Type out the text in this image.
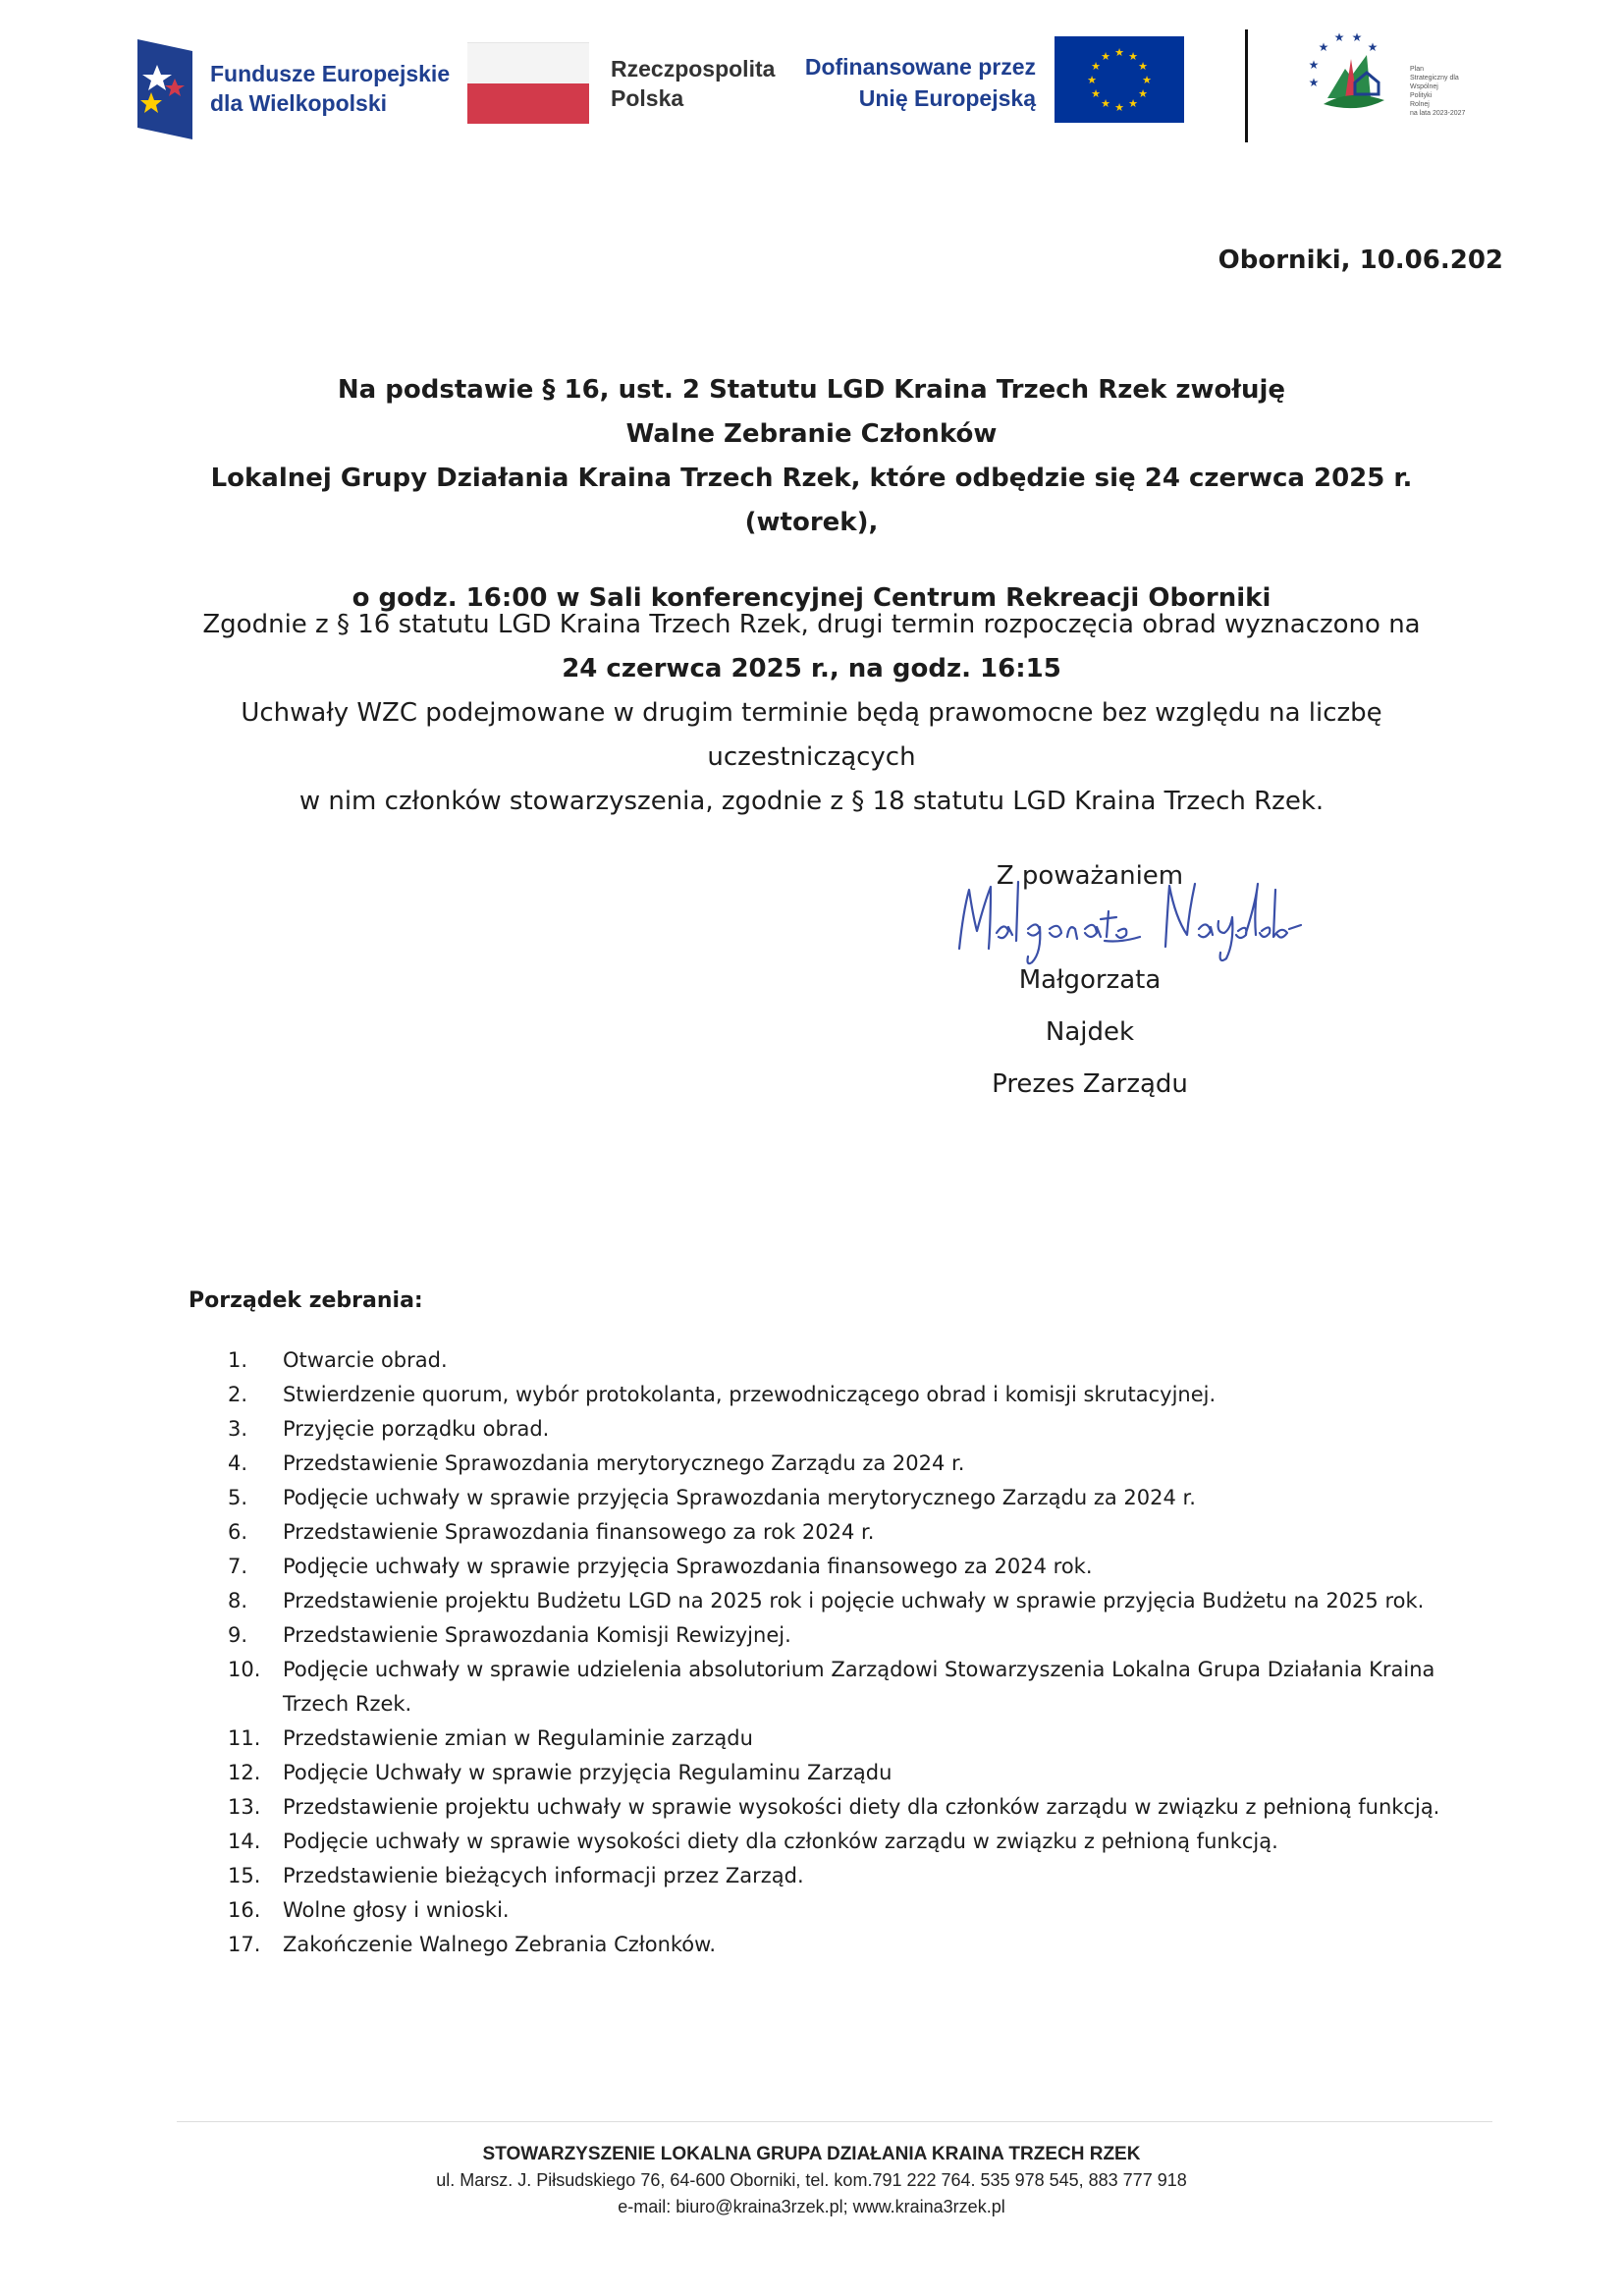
Fundusze Europejskie
dla Wielkopolski
Rzeczpospolita
Polska
Dofinansowane przez
Unię Europejską
★ ★
★
★
★
★
★
★
★
★
★
★
★
★ ★
★
★
★
Plan
Strategiczny dla
Wspólnej
Polityki
Rolnej
na lata 2023-2027
Oborniki, 10.06.202
Na podstawie § 16, ust. 2 Statutu LGD Kraina Trzech Rzek zwołuję
Walne Zebranie Członków
Lokalnej Grupy Działania Kraina Trzech Rzek, które odbędzie się 24 czerwca 2025 r. (wtorek),
o godz. 16:00 w Sali konferencyjnej Centrum Rekreacji Oborniki
Zgodnie z § 16 statutu LGD Kraina Trzech Rzek, drugi termin rozpoczęcia obrad wyznaczono na
24 czerwca 2025 r., na godz. 16:15
Uchwały WZC podejmowane w drugim terminie będą prawomocne bez względu na liczbę uczestniczących
w nim członków stowarzyszenia, zgodnie z § 18 statutu LGD Kraina Trzech Rzek.
Z poważaniem
Małgorzata Najdek
Prezes Zarządu
Porządek zebrania:
1.	Otwarcie obrad.
2.	Stwierdzenie quorum, wybór protokolanta, przewodniczącego obrad i komisji skrutacyjnej.
3.	Przyjęcie porządku obrad.
4.	Przedstawienie Sprawozdania merytorycznego Zarządu za 2024 r.
5.	Podjęcie uchwały w sprawie przyjęcia Sprawozdania merytorycznego Zarządu za 2024 r.
6.	Przedstawienie Sprawozdania finansowego za rok 2024 r.
7.	Podjęcie uchwały w sprawie przyjęcia Sprawozdania finansowego za 2024 rok.
8.	Przedstawienie projektu Budżetu LGD na 2025 rok i pojęcie uchwały w sprawie przyjęcia Budżetu na 2025 rok.
9.	Przedstawienie Sprawozdania Komisji Rewizyjnej.
10.	Podjęcie uchwały w sprawie udzielenia absolutorium Zarządowi Stowarzyszenia Lokalna Grupa Działania Kraina Trzech Rzek.
11.	Przedstawienie zmian w Regulaminie zarządu
12.	Podjęcie Uchwały w sprawie przyjęcia Regulaminu Zarządu
13.	Przedstawienie projektu uchwały w sprawie wysokości diety dla członków zarządu w związku z pełnioną funkcją.
14.	Podjęcie uchwały w sprawie wysokości diety dla członków zarządu w związku z pełnioną funkcją.
15.	Przedstawienie bieżących informacji przez Zarząd.
16.	Wolne głosy i wnioski.
17.	Zakończenie Walnego Zebrania Członków.
STOWARZYSZENIE LOKALNA GRUPA DZIAŁANIA KRAINA TRZECH RZEK
ul. Marsz. J. Piłsudskiego 76, 64-600 Oborniki, tel. kom.791 222 764. 535 978 545, 883 777 918
e-mail: biuro@kraina3rzek.pl; www.kraina3rzek.pl
